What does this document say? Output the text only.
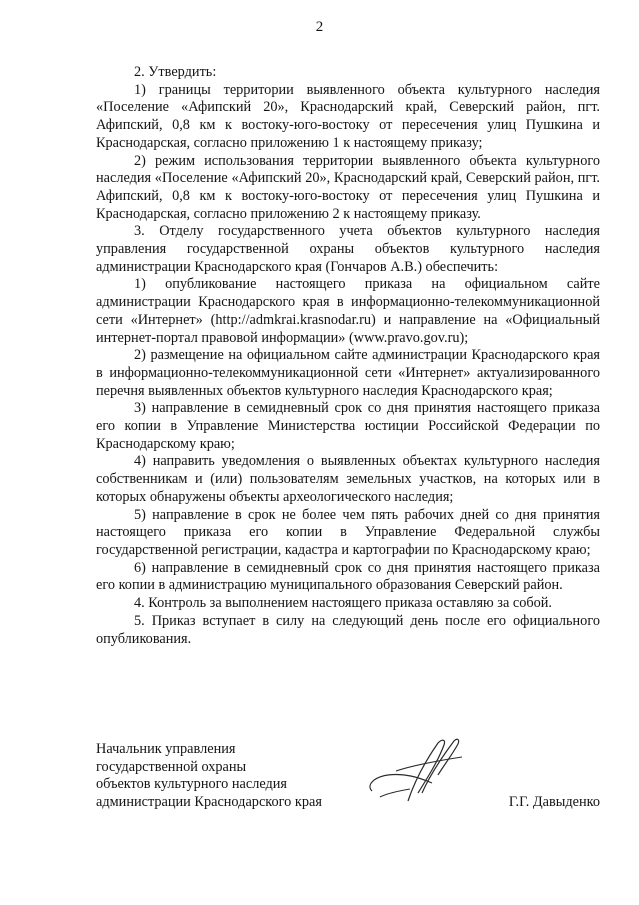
2

2. Утвердить:

1) границы территории выявленного объекта культурного наследия «Поселение «Афипский 20», Краснодарский край, Северский район, пгт. Афипский, 0,8 км к востоку-юго-востоку от пересечения улиц Пушкина и Краснодарская, согласно приложению 1 к настоящему приказу;

2) режим использования территории выявленного объекта культурного наследия «Поселение «Афипский 20», Краснодарский край, Северский район, пгт. Афипский, 0,8 км к востоку-юго-востоку от пересечения улиц Пушкина и Краснодарская, согласно приложению 2 к настоящему приказу.

3. Отделу государственного учета объектов культурного наследия управления государственной охраны объектов культурного наследия администрации Краснодарского края (Гончаров А.В.) обеспечить:

1) опубликование настоящего приказа на официальном сайте администрации Краснодарского края в информационно-телекоммуникационной сети «Интернет» (http://admkrai.krasnodar.ru) и направление на «Официальный интернет-портал правовой информации» (www.pravo.gov.ru);

2) размещение на официальном сайте администрации Краснодарского края в информационно-телекоммуникационной сети «Интернет» актуализированного перечня выявленных объектов культурного наследия Краснодарского края;

3) направление в семидневный срок со дня принятия настоящего приказа его копии в Управление Министерства юстиции Российской Федерации по Краснодарскому краю;

4) направить уведомления о выявленных объектах культурного наследия собственникам и (или) пользователям земельных участков, на которых или в которых обнаружены объекты археологического наследия;

5) направление в срок не более чем пять рабочих дней со дня принятия настоящего приказа его копии в Управление Федеральной службы государственной регистрации, кадастра и картографии по Краснодарскому краю;

6) направление в семидневный срок со дня принятия настоящего приказа его копии в администрацию муниципального образования Северский район.

4. Контроль за выполнением настоящего приказа оставляю за собой.

5. Приказ вступает в силу на следующий день после его официального опубликования.

Начальник управления
государственной охраны
объектов культурного наследия
администрации Краснодарского края	Г.Г. Давыденко
